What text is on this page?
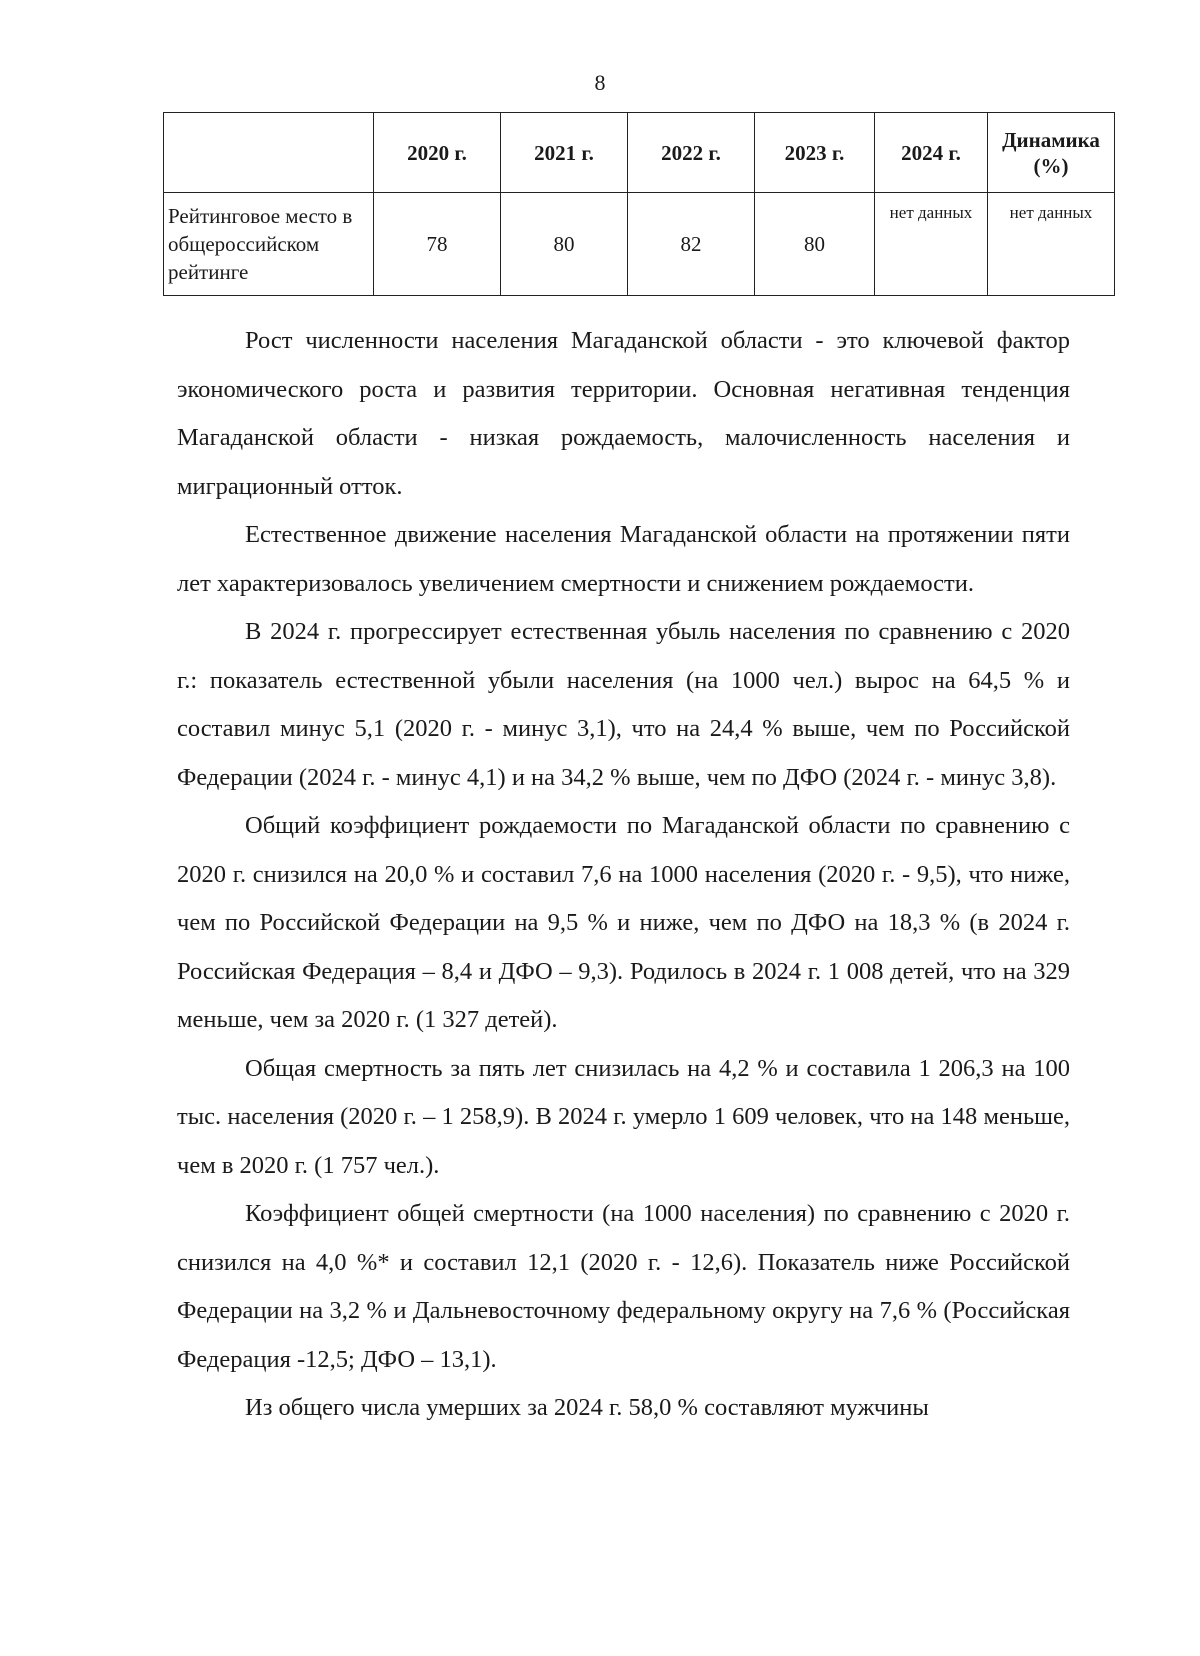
8
	2020 г.	2021 г.	2022 г.	2023 г.	2024 г.	Динамика (%)
Рейтинговое место в общероссийском рейтинге	78	80	82	80	нет данных	нет данных

Рост численности населения Магаданской области - это ключевой фактор экономического роста и развития территории. Основная негативная тенденция Магаданской области - низкая рождаемость, малочисленность населения и миграционный отток.

Естественное движение населения Магаданской области на протяжении пяти лет характеризовалось увеличением смертности и снижением рождаемости.

В 2024 г. прогрессирует естественная убыль населения по сравнению с 2020 г.: показатель естественной убыли населения (на 1000 чел.) вырос на 64,5 % и составил минус 5,1 (2020 г. - минус 3,1), что на 24,4 % выше, чем по Российской Федерации (2024 г. - минус 4,1) и на 34,2 % выше, чем по ДФО (2024 г. - минус 3,8).

Общий коэффициент рождаемости по Магаданской области по сравнению с 2020 г. снизился на 20,0 % и составил 7,6 на 1000 населения (2020 г. - 9,5), что ниже, чем по Российской Федерации на 9,5 % и ниже, чем по ДФО на 18,3 % (в 2024 г. Российская Федерация – 8,4 и ДФО – 9,3). Родилось в 2024 г. 1 008 детей, что на 329 меньше, чем за 2020 г. (1 327 детей).

Общая смертность за пять лет снизилась на 4,2 % и составила 1 206,3 на 100 тыс. населения (2020 г. – 1 258,9). В 2024 г. умерло 1 609 человек, что на 148 меньше, чем в 2020 г. (1 757 чел.).

Коэффициент общей смертности (на 1000 населения) по сравнению с 2020 г. снизился на 4,0 %* и составил 12,1 (2020 г. - 12,6). Показатель ниже Российской Федерации на 3,2 % и Дальневосточному федеральному округу на 7,6 % (Российская Федерация -12,5; ДФО – 13,1).

Из общего числа умерших за 2024 г. 58,0 % составляют мужчины
